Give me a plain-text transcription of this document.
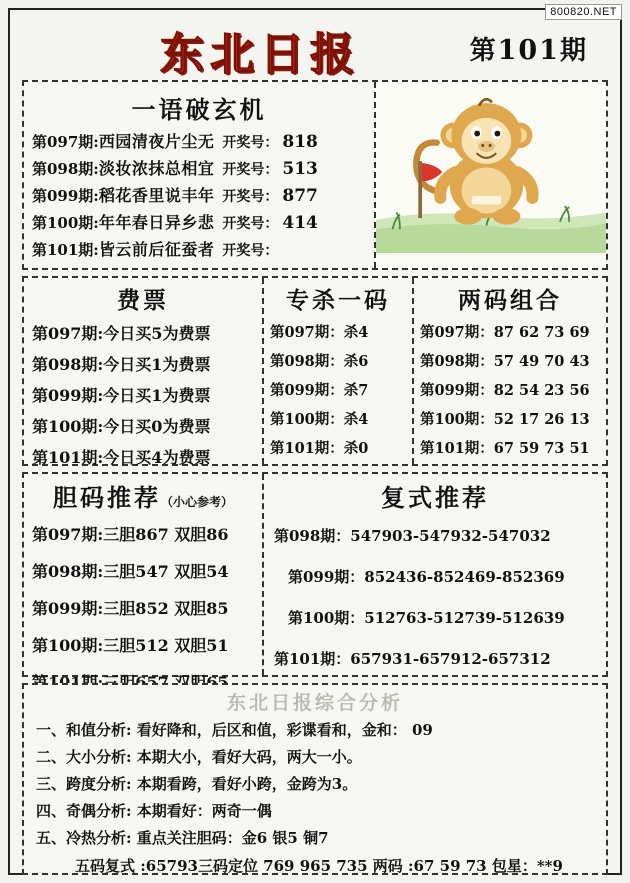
800820.NET
东北日报	第101期
一语破玄机
第097期: 西园清夜片尘无 开奖号： 818
第098期: 淡妆浓抹总相宜 开奖号： 513
第099期: 稻花香里说丰年 开奖号： 877
第100期: 年年春日异乡悲 开奖号： 414
第101期: 皆云前后征蚕者 开奖号：
费票
第097期:今日买5为费票
第098期:今日买1为费票
第099期:今日买1为费票
第100期:今日买0为费票
第101期:今日买4为费票
专杀一码
第097期：杀4
第098期：杀6
第099期：杀7
第100期：杀4
第101期：杀0
两码组合
第097期：87 62 73 69
第098期：57 49 70 43
第099期：82 54 23 56
第100期：52 17 26 13
第101期：67 59 73 51
胆码推荐（小心参考）
第097期:三胆867 双胆86
第098期:三胆547 双胆54
第099期:三胆852 双胆85
第100期:三胆512 双胆51
复式推荐
第098期：547903-547932-547032
第099期：852436-852469-852369
第100期：512763-512739-512639
第101期：657931-657912-657312
东北日报综合分析
一、和值分析: 看好降和，后区和值，彩谍看和，金和： 09
二、大小分析: 本期大小，看好大码，两大一小。
三、跨度分析: 本期看跨，看好小跨，金跨为3。
四、奇偶分析: 本期看好：两奇一偶
五、冷热分析: 重点关注胆码：金6 银5 铜7
五码复式 :65793三码定位 769 965 735 两码 :67 59 73 包星：**9
